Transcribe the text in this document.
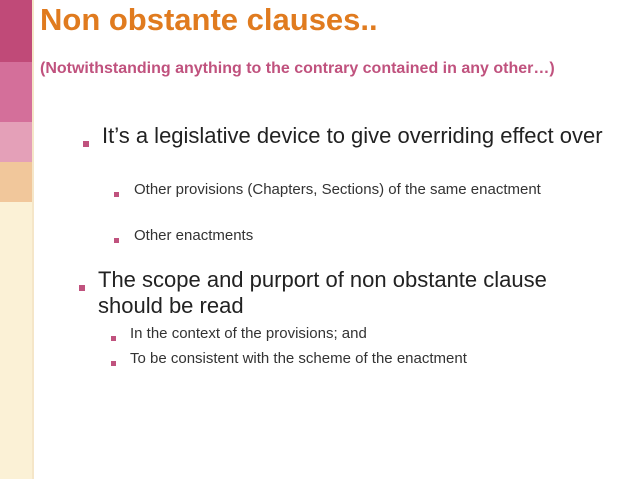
Non obstante clauses..
(Notwithstanding anything to the contrary contained in any other…)
It’s a legislative device to give overriding effect over
Other provisions (Chapters, Sections) of the same enactment
Other enactments
The scope and purport of non obstante clause should be read
In the context of the provisions; and
To be consistent with the scheme of the enactment
